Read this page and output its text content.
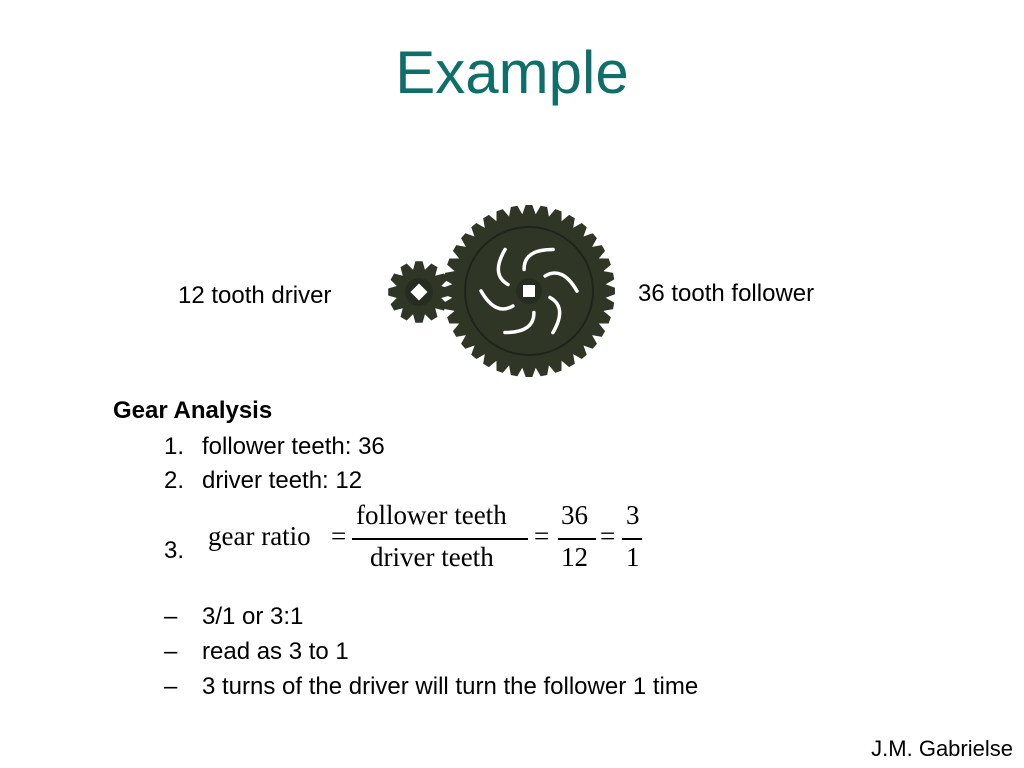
Example
12 tooth driver	36 tooth follower
Gear Analysis
1. follower teeth: 36
2. driver teeth: 12
3. gear ratio =
follower teeth
driver teeth
=
36
12
=
3
1
– 3/1 or 3:1
– read as 3 to 1
– 3 turns of the driver will turn the follower 1 time
J.M. Gabrielse
